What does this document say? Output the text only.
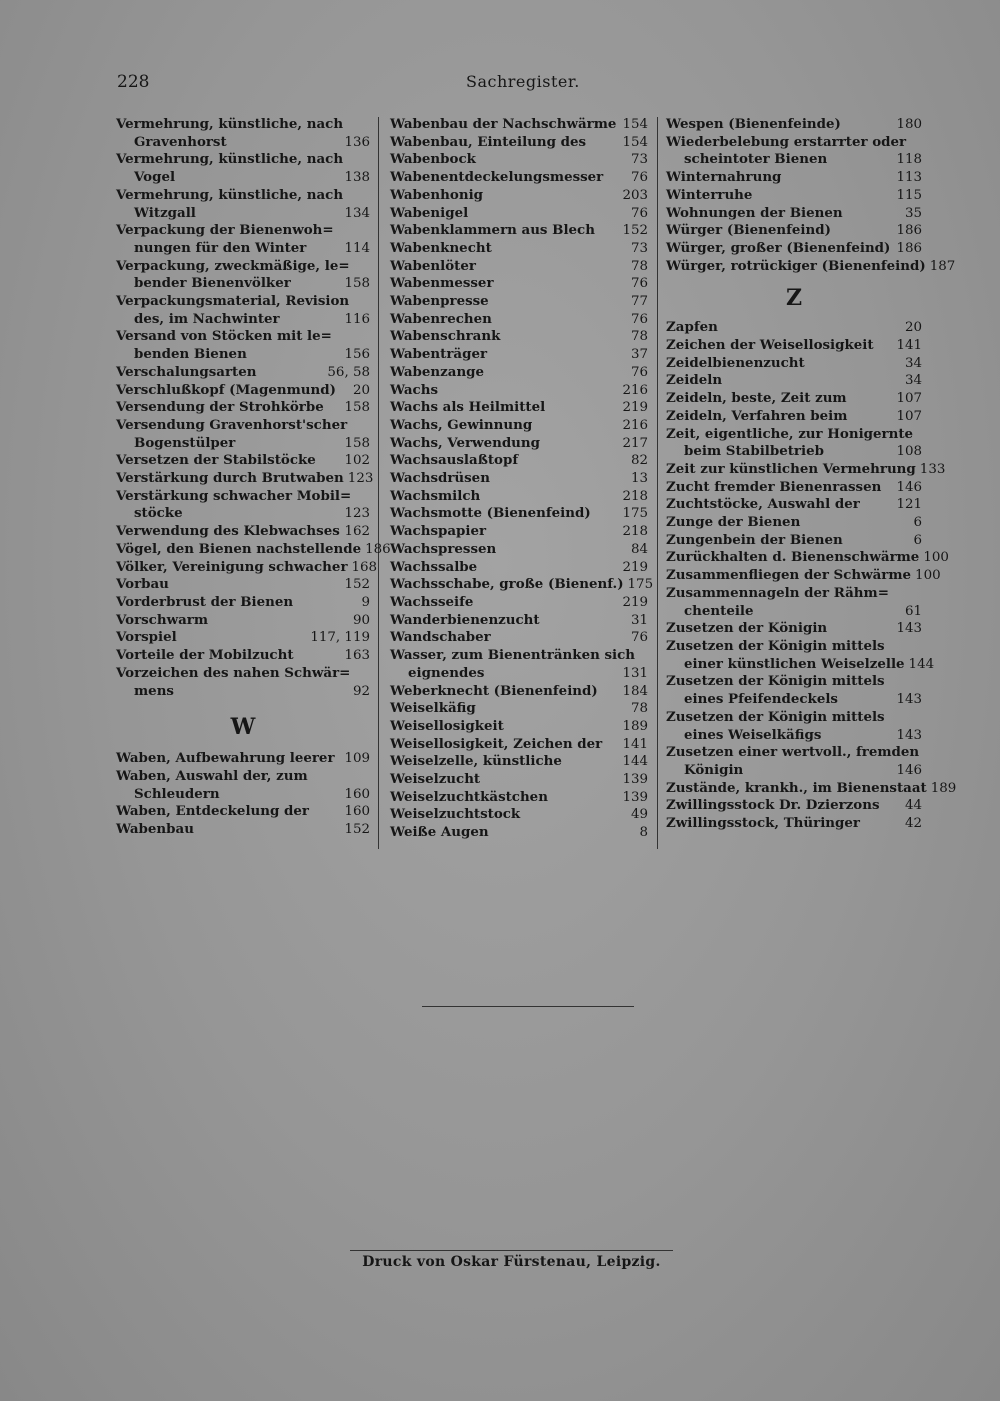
228	Sachregister.
Vermehrung, künstliche, nach
Gravenhorst	136
Vermehrung, künstliche, nach
Vogel	138
Vermehrung, künstliche, nach
Witzgall	134
Verpackung der Bienenwoh=
nungen für den Winter	114
Verpackung, zweckmäßige, le=
bender Bienenvölker	158
Verpackungsmaterial, Revision
des, im Nachwinter	116
Versand von Stöcken mit le=
benden Bienen	156
Verschalungsarten	56, 58
Verschlußkopf (Magenmund) 20
Versendung der Strohkörbe 158
Versendung Gravenhorst'scher
Bogenstülper	158
Versetzen der Stabilstöcke 102
Verstärkung durch Brutwaben 123
Verstärkung schwacher Mobil=
stöcke	123
Verwendung des Klebwachses 162
Vögel, den Bienen nachstellende 186
Völker, Vereinigung schwacher 168
Vorbau	152
Vorderbrust der Bienen	9
Vorschwarm	90
Vorspiel	117, 119
Vorteile der Mobilzucht	163
Vorzeichen des nahen Schwär=
mens	92
W
Waben, Aufbewahrung leerer 109
Waben, Auswahl der, zum
Schleudern	160
Waben, Entdeckelung der	160
Wabenbau	152
Wabenbau der Nachschwärme 154
Wabenbau, Einteilung des	154
Wabenbock	73
Wabenentdeckelungsmesser 76
Wabenhonig	203
Wabenigel	76
Wabenklammern aus Blech 152
Wabenknecht	73
Wabenlöter	78
Wabenmesser	76
Wabenpresse	77
Wabenrechen	76
Wabenschrank	78
Wabenträger	37
Wabenzange	76
Wachs	216
Wachs als Heilmittel	219
Wachs, Gewinnung	216
Wachs, Verwendung	217
Wachsauslaßtopf	82
Wachsdrüsen	13
Wachsmilch	218
Wachsmotte (Bienenfeind) 175
Wachspapier	218
Wachspressen	84
Wachssalbe	219
Wachsschabe, große (Bienenf.) 175
Wachsseife	219
Wanderbienenzucht	31
Wandschaber	76
Wasser, zum Bienentränken sich
eignendes	131
Weberknecht (Bienenfeind) 184
Weiselkäfig	78
Weisellosigkeit	189
Weisellosigkeit, Zeichen der 141
Weiselzelle, künstliche	144
Weiselzucht	139
Weiselzuchtkästchen	139
Weiselzuchtstock	49
Weiße Augen	8
Wespen (Bienenfeinde)	180
Wiederbelebung erstarrter oder
scheintoter Bienen	118
Winternahrung	113
Winterruhe	115
Wohnungen der Bienen	35
Würger (Bienenfeind)	186
Würger, großer (Bienenfeind) 186
Würger, rotrückiger (Bienenfeind) 187
Z
Zapfen	20
Zeichen der Weisellosigkeit 141
Zeidelbienenzucht	34
Zeideln	34
Zeideln, beste, Zeit zum	107
Zeideln, Verfahren beim	107
Zeit, eigentliche, zur Honigernte
beim Stabilbetrieb	108
Zeit zur künstlichen Vermehrung 133
Zucht fremder Bienenrassen 146
Zuchtstöcke, Auswahl der	121
Zunge der Bienen	6
Zungenbein der Bienen	6
Zurückhalten d. Bienenschwärme 100
Zusammenfliegen der Schwärme 100
Zusammennageln der Rähm=
chenteile	61
Zusetzen der Königin	143
Zusetzen der Königin mittels
einer künstlichen Weiselzelle 144
Zusetzen der Königin mittels
eines Pfeifendeckels	143
Zusetzen der Königin mittels
eines Weiselkäfigs	143
Zusetzen einer wertvoll., fremden
Königin	146
Zustände, krankh., im Bienenstaat 189
Zwillingsstock Dr. Dzierzons 44
Zwillingsstock, Thüringer	42
Druck von Oskar Fürstenau, Leipzig.
